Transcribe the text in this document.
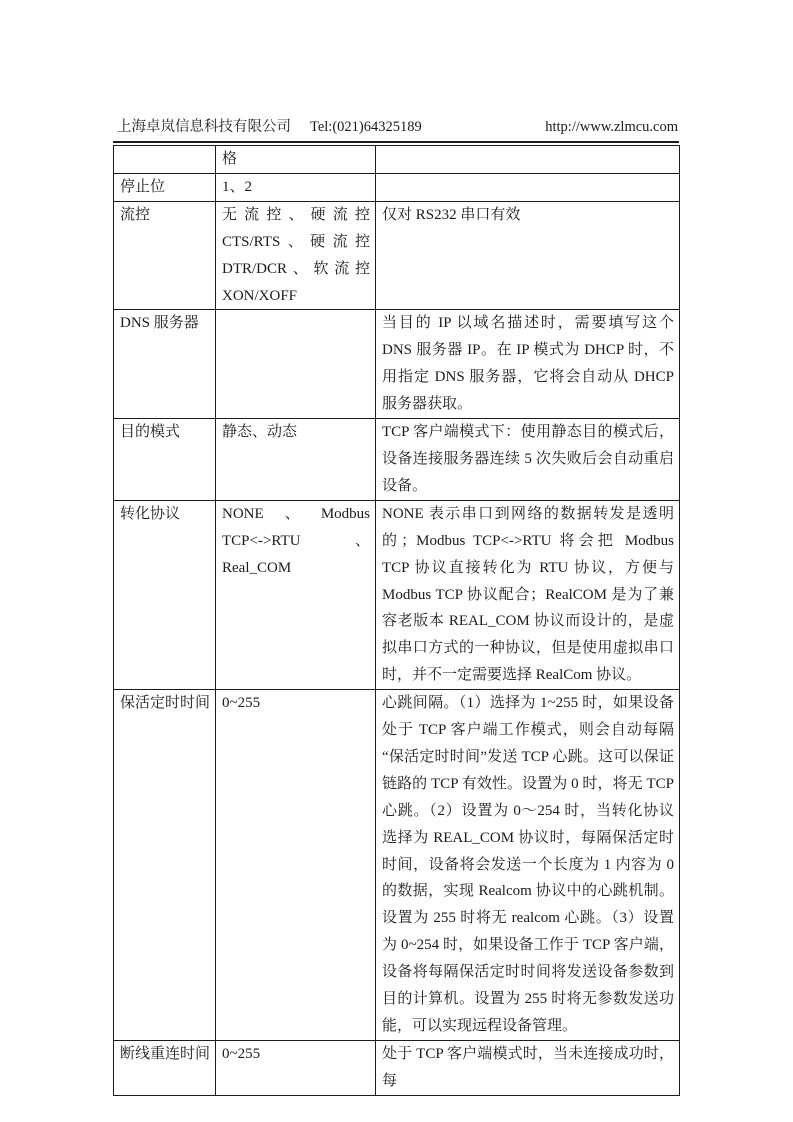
上海卓岚信息科技有限公司	Tel:(021)64325189	http://www.zlmcu.com
	格	
停止位	1、2	
流控	无流控、硬流控CTS/RTS、硬流控DTR/DCR、软流控XON/XOFF	仅对 RS232 串口有效
DNS 服务器		当目的 IP 以域名描述时，需要填写这个 DNS 服务器 IP。在 IP 模式为 DHCP 时，不用指定 DNS 服务器，它将会自动从 DHCP 服务器获取。
目的模式	静态、动态	TCP 客户端模式下：使用静态目的模式后，设备连接服务器连续 5 次失败后会自动重启设备。
转化协议	NONE、Modbus TCP<->RTU、Real_COM	NONE 表示串口到网络的数据转发是透明的；Modbus TCP<->RTU 将会把 Modbus TCP 协议直接转化为 RTU 协议，方便与 Modbus TCP 协议配合；RealCOM 是为了兼容老版本 REAL_COM 协议而设计的，是虚拟串口方式的一种协议，但是使用虚拟串口时，并不一定需要选择 RealCom 协议。
保活定时时间	0~255	心跳间隔。（1）选择为 1~255 时，如果设备处于 TCP 客户端工作模式，则会自动每隔“保活定时时间”发送 TCP 心跳。这可以保证链路的 TCP 有效性。设置为 0 时，将无 TCP 心跳。（2）设置为 0～254 时，当转化协议选择为 REAL_COM 协议时，每隔保活定时时间，设备将会发送一个长度为 1 内容为 0 的数据，实现 Realcom 协议中的心跳机制。设置为 255 时将无 realcom 心跳。（3）设置为 0~254 时，如果设备工作于 TCP 客户端，设备将每隔保活定时时间将发送设备参数到目的计算机。设置为 255 时将无参数发送功能，可以实现远程设备管理。
断线重连时间	0~255	处于 TCP 客户端模式时，当未连接成功时，每
